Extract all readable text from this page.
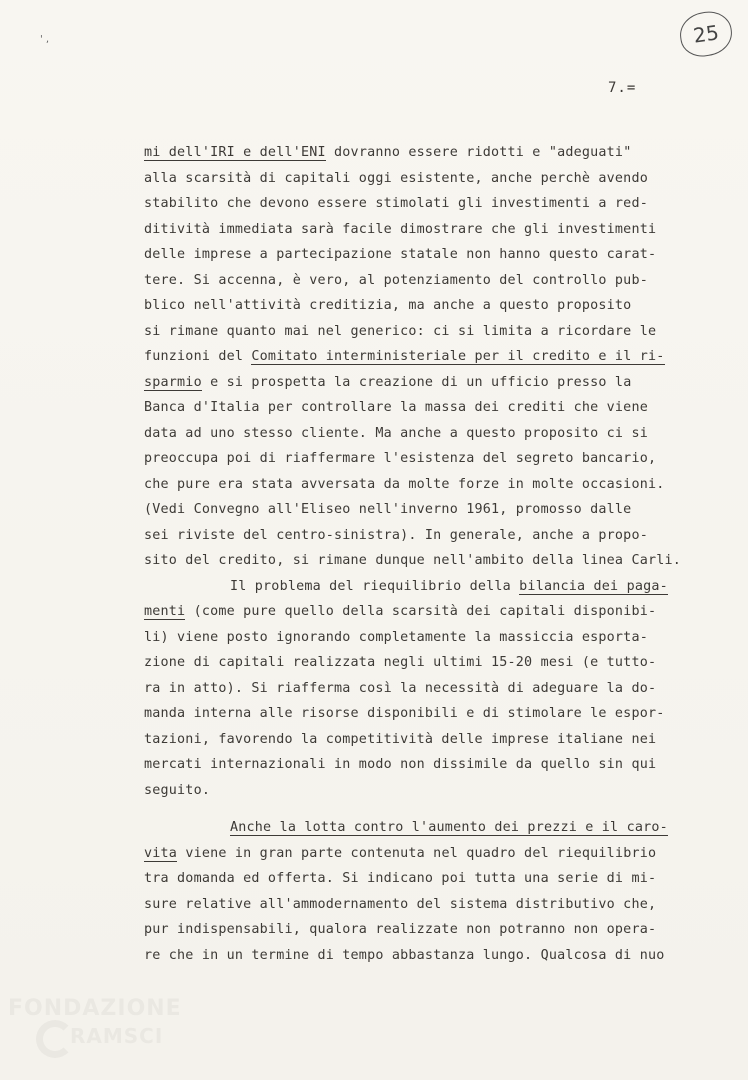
25
' ,
7.=
mi dell'IRI e dell'ENI dovranno essere ridotti e "adeguati"
alla scarsità di capitali oggi esistente, anche perchè avendo
stabilito che devono essere stimolati gli investimenti a red-
ditività immediata sarà facile dimostrare che gli investimenti
delle imprese a partecipazione statale non hanno questo carat-
tere. Si accenna, è vero, al potenziamento del controllo pub-
blico nell'attività creditizia, ma anche a questo proposito
si rimane quanto mai nel generico: ci si limita a ricordare le
funzioni del Comitato interministeriale per il credito e il ri-
sparmio e si prospetta la creazione di un ufficio presso la
Banca d'Italia per controllare la massa dei crediti che viene
data ad uno stesso cliente. Ma anche a questo proposito ci si
preoccupa poi di riaffermare l'esistenza del segreto bancario,
che pure era stata avversata da molte forze in molte occasioni.
(Vedi Convegno all'Eliseo nell'inverno 1961, promosso dalle
sei riviste del centro-sinistra). In generale, anche a propo-
sito del credito, si rimane dunque nell'ambito della linea Carli.
Il problema del riequilibrio della bilancia dei paga-
menti (come pure quello della scarsità dei capitali disponibi-
li) viene posto ignorando completamente la massiccia esporta-
zione di capitali realizzata negli ultimi 15-20 mesi (e tutto-
ra in atto). Si riafferma così la necessità di adeguare la do-
manda interna alle risorse disponibili e di stimolare le espor-
tazioni, favorendo la competitività delle imprese italiane nei
mercati internazionali in modo non dissimile da quello sin qui
seguito.
Anche la lotta contro l'aumento dei prezzi e il caro-
vita viene in gran parte contenuta nel quadro del riequilibrio
tra domanda ed offerta. Si indicano poi tutta una serie di mi-
sure relative all'ammodernamento del sistema distributivo che,
pur indispensabili, qualora realizzate non potranno non opera-
re che in un termine di tempo abbastanza lungo. Qualcosa di nuo
FONDAZIONE
RAMSCI
